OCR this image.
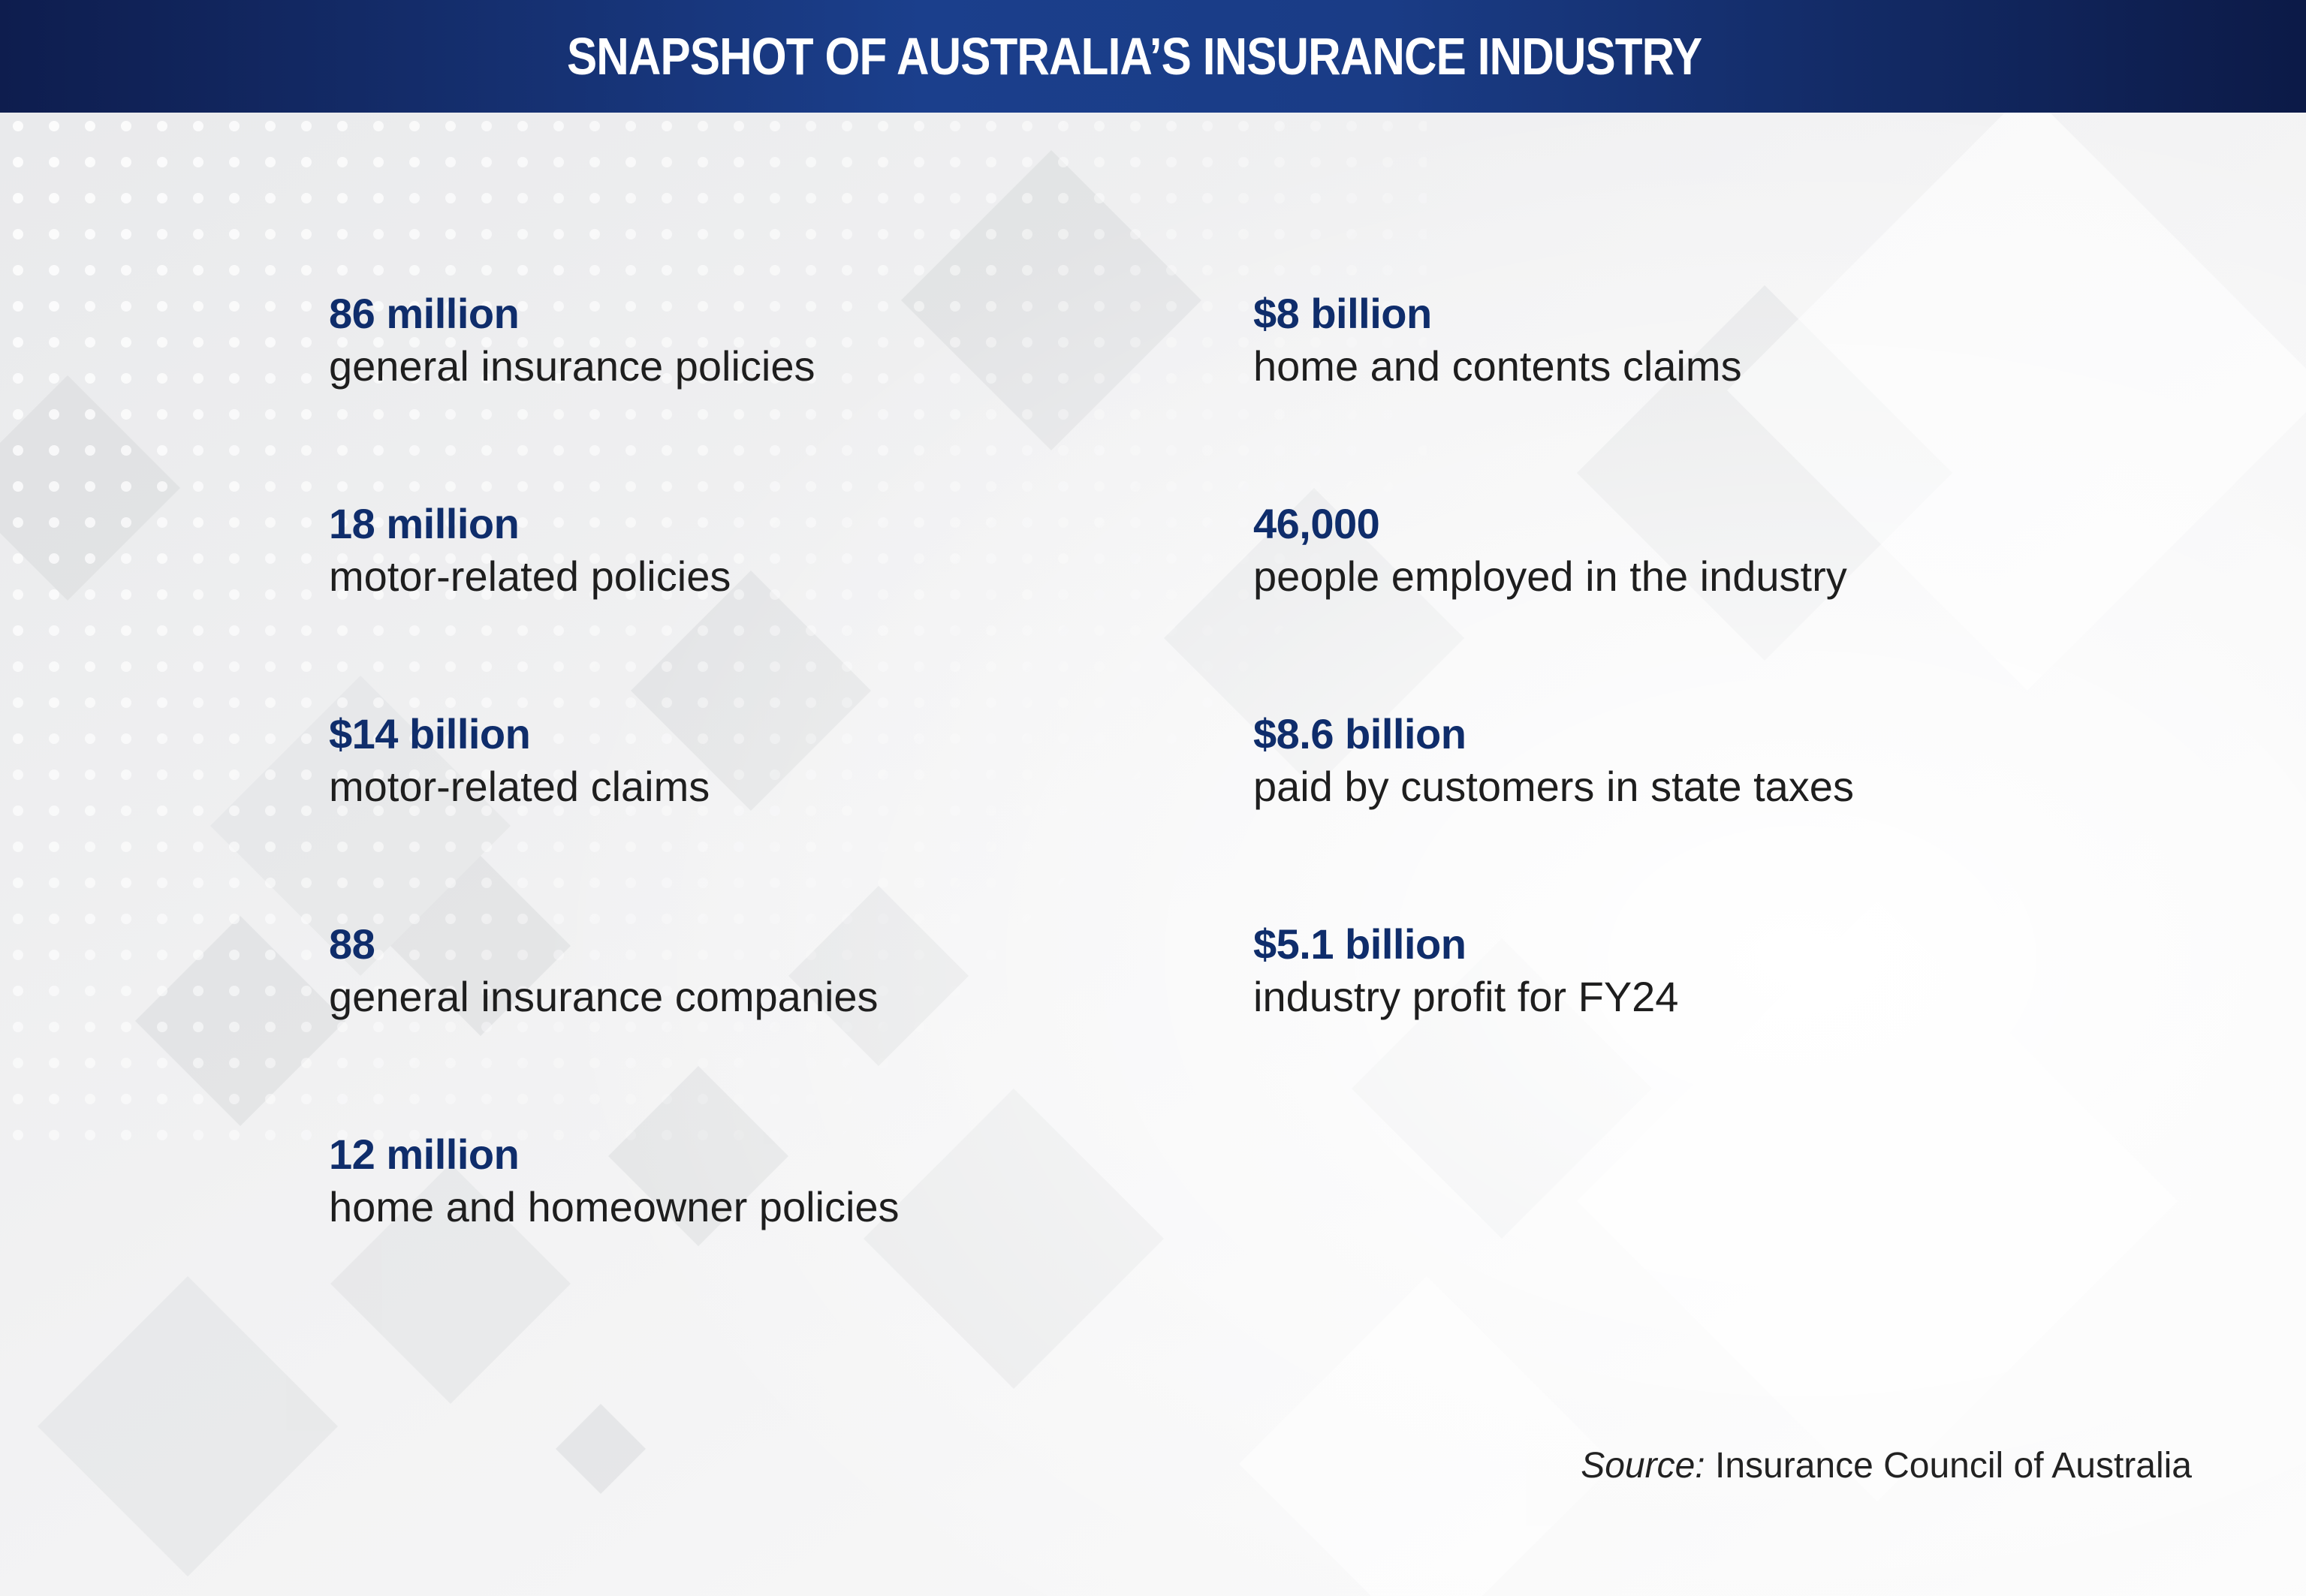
SNAPSHOT OF AUSTRALIA’S INSURANCE INDUSTRY
86 million
general insurance policies
18 million
motor-related policies
$14 billion
motor-related claims
88
general insurance companies
12 million
home and homeowner policies
$8 billion
home and contents claims
46,000
people employed in the industry
$8.6 billion
paid by customers in state taxes
$5.1 billion
industry profit for FY24
Source: Insurance Council of Australia
